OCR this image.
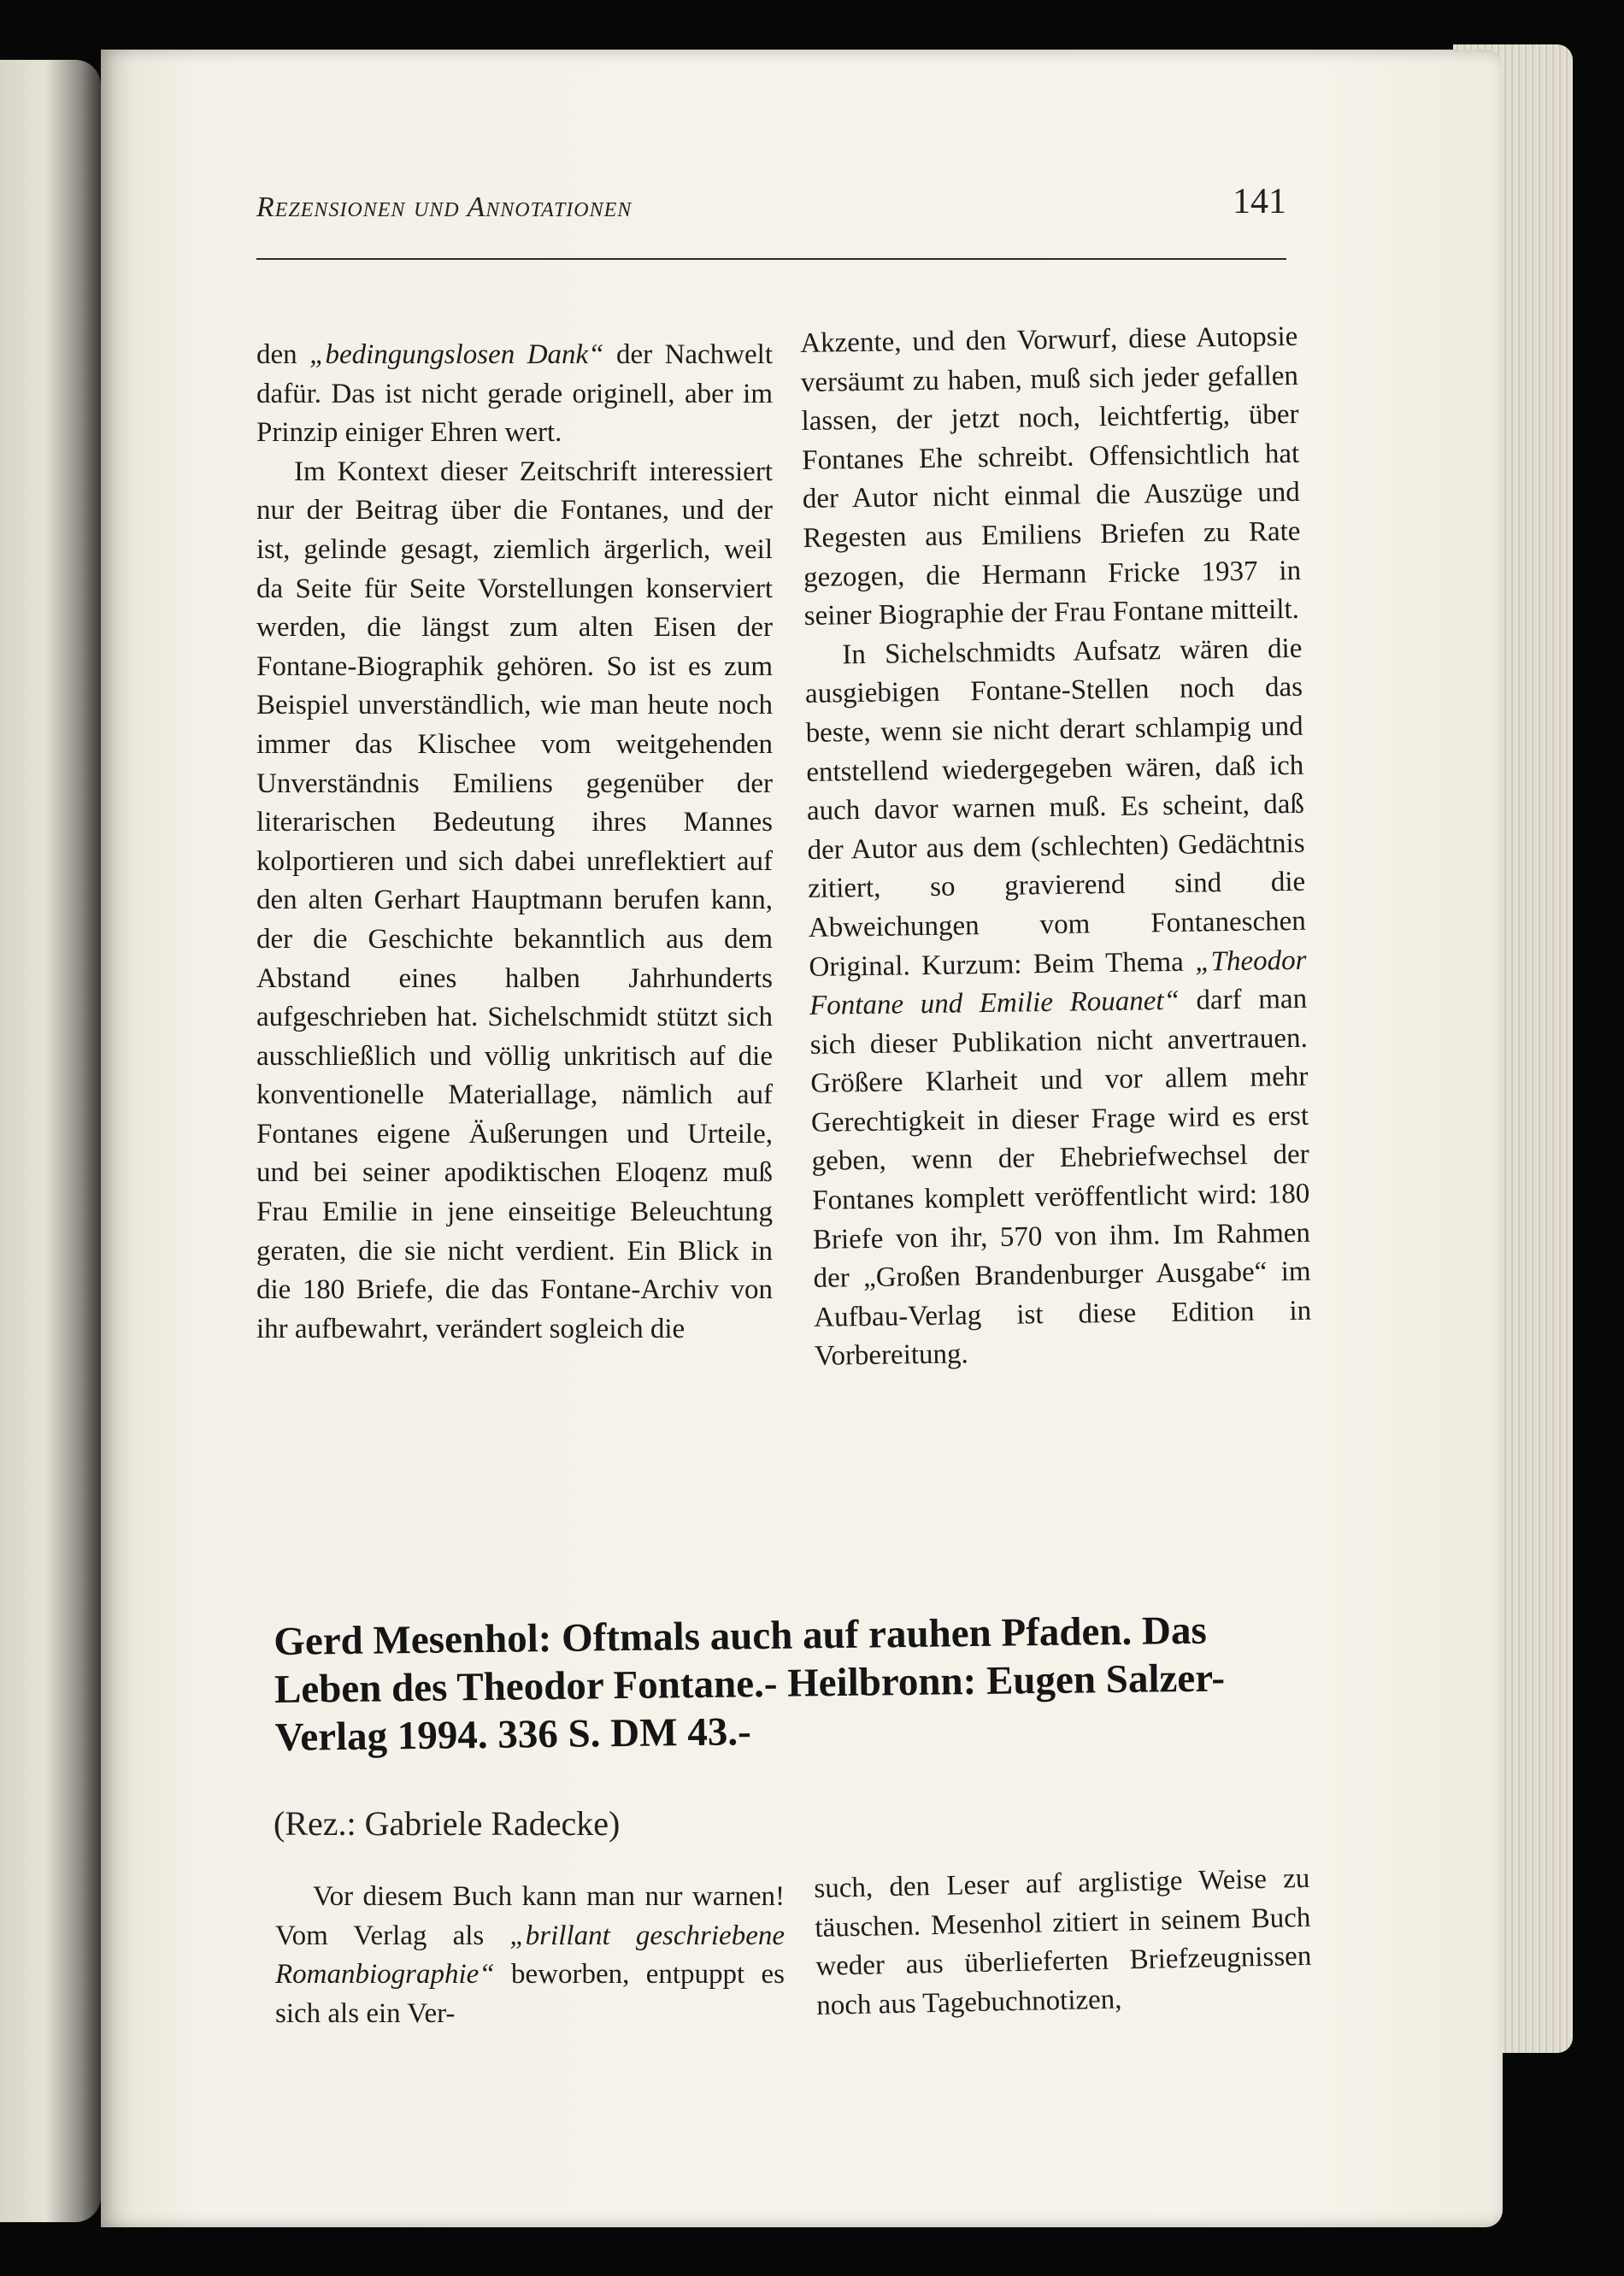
Rezensionen und Annotationen	141

den „bedingungslosen Dank“ der Nachwelt dafür. Das ist nicht gerade originell, aber im Prinzip einiger Ehren wert.

Im Kontext dieser Zeitschrift interessiert nur der Beitrag über die Fontanes, und der ist, gelinde gesagt, ziemlich ärgerlich, weil da Seite für Seite Vorstellungen konserviert werden, die längst zum alten Eisen der Fontane-Biographik gehören. So ist es zum Beispiel unverständlich, wie man heute noch immer das Klischee vom weitgehenden Unverständnis Emiliens gegenüber der literarischen Bedeutung ihres Mannes kolportieren und sich dabei unreflektiert auf den alten Gerhart Hauptmann berufen kann, der die Geschichte bekanntlich aus dem Abstand eines halben Jahrhunderts aufgeschrieben hat. Sichelschmidt stützt sich ausschließlich und völlig unkritisch auf die konventionelle Materiallage, nämlich auf Fontanes eigene Äußerungen und Urteile, und bei seiner apodiktischen Eloqenz muß Frau Emilie in jene einseitige Beleuchtung geraten, die sie nicht verdient. Ein Blick in die 180 Briefe, die das Fontane-Archiv von ihr aufbewahrt, verändert sogleich die

Akzente, und den Vorwurf, diese Autopsie versäumt zu haben, muß sich jeder gefallen lassen, der jetzt noch, leichtfertig, über Fontanes Ehe schreibt. Offensichtlich hat der Autor nicht einmal die Auszüge und Regesten aus Emiliens Briefen zu Rate gezogen, die Hermann Fricke 1937 in seiner Biographie der Frau Fontane mitteilt.

In Sichelschmidts Aufsatz wären die ausgiebigen Fontane-Stellen noch das beste, wenn sie nicht derart schlampig und entstellend wiedergegeben wären, daß ich auch davor warnen muß. Es scheint, daß der Autor aus dem (schlechten) Gedächtnis zitiert, so gravierend sind die Abweichungen vom Fontaneschen Original. Kurzum: Beim Thema „Theodor Fontane und Emilie Rouanet“ darf man sich dieser Publikation nicht anvertrauen. Größere Klarheit und vor allem mehr Gerechtigkeit in dieser Frage wird es erst geben, wenn der Ehebriefwechsel der Fontanes komplett veröffentlicht wird: 180 Briefe von ihr, 570 von ihm. Im Rahmen der „Großen Brandenburger Ausgabe“ im Aufbau-Verlag ist diese Edition in Vorbereitung.

Gerd Mesenhol: Oftmals auch auf rauhen Pfaden. Das Leben des Theodor Fontane.- Heilbronn: Eugen Salzer-Verlag 1994. 336 S. DM 43.-
(Rez.: Gabriele Radecke)

Vor diesem Buch kann man nur warnen! Vom Verlag als „brillant geschriebene Romanbiographie“ beworben, entpuppt es sich als ein Ver-

such, den Leser auf arglistige Weise zu täuschen. Mesenhol zitiert in seinem Buch weder aus überlieferten Briefzeugnissen noch aus Tagebuchnotizen,
